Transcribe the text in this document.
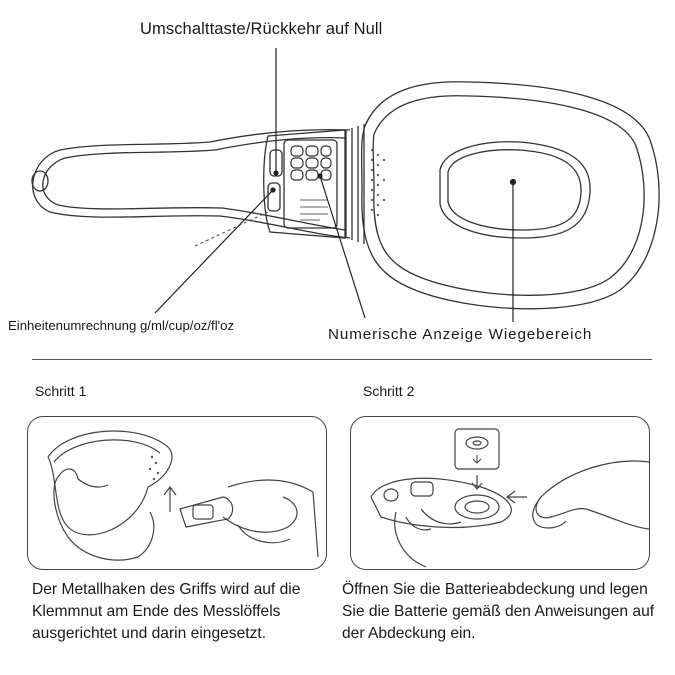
Umschalttaste/Rückkehr auf Null
Einheitenumrechnung g/ml/cup/oz/fl'oz
Numerische Anzeige Wiegebereich
Schritt 1	Schritt 2
Der Metallhaken des Griffs wird auf die Klemmnut am Ende des Messlöffels ausgerichtet und darin eingesetzt.
Öffnen Sie die Batterieabdeckung und legen Sie die Batterie gemäß den Anweisungen auf der Abdeckung ein.
